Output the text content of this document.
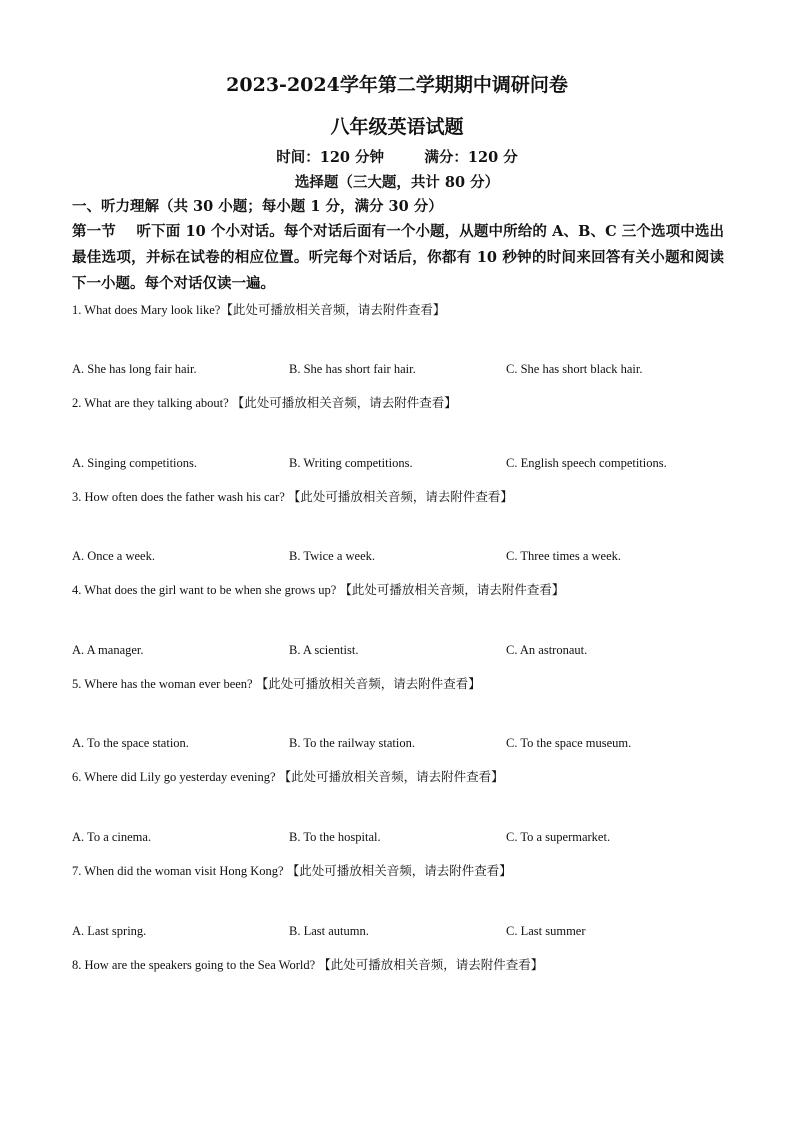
2023-2024学年第二学期期中调研问卷
八年级英语试题
时间：120 分钟        满分：120 分
选择题（三大题，共计 80 分）
一、听力理解（共 30 小题；每小题 1 分，满分 30 分）
第一节    听下面 10 个小对话。每个对话后面有一个小题，从题中所给的 A、B、C 三个选项中选出最佳选项，并标在试卷的相应位置。听完每个对话后，你都有 10 秒钟的时间来回答有关小题和阅读下一小题。每个对话仅读一遍。
1. What does Mary look like?【此处可播放相关音频，请去附件查看】
A. She has long fair hair.	B. She has short fair hair.	C. She has short black hair.
2. What are they talking about? 【此处可播放相关音频，请去附件查看】
A. Singing competitions.	B. Writing competitions.	C. English speech competitions.
3. How often does the father wash his car? 【此处可播放相关音频，请去附件查看】
A. Once a week.	B. Twice a week.	C. Three times a week.
4. What does the girl want to be when she grows up? 【此处可播放相关音频，请去附件查看】
A. A manager.	B. A scientist.	C. An astronaut.
5. Where has the woman ever been? 【此处可播放相关音频，请去附件查看】
A. To the space station.	B. To the railway station.	C. To the space museum.
6. Where did Lily go yesterday evening? 【此处可播放相关音频，请去附件查看】
A. To a cinema.	B. To the hospital.	C. To a supermarket.
7. When did the woman visit Hong Kong? 【此处可播放相关音频，请去附件查看】
A. Last spring.	B. Last autumn.	C. Last summer
8. How are the speakers going to the Sea World? 【此处可播放相关音频，请去附件查看】
